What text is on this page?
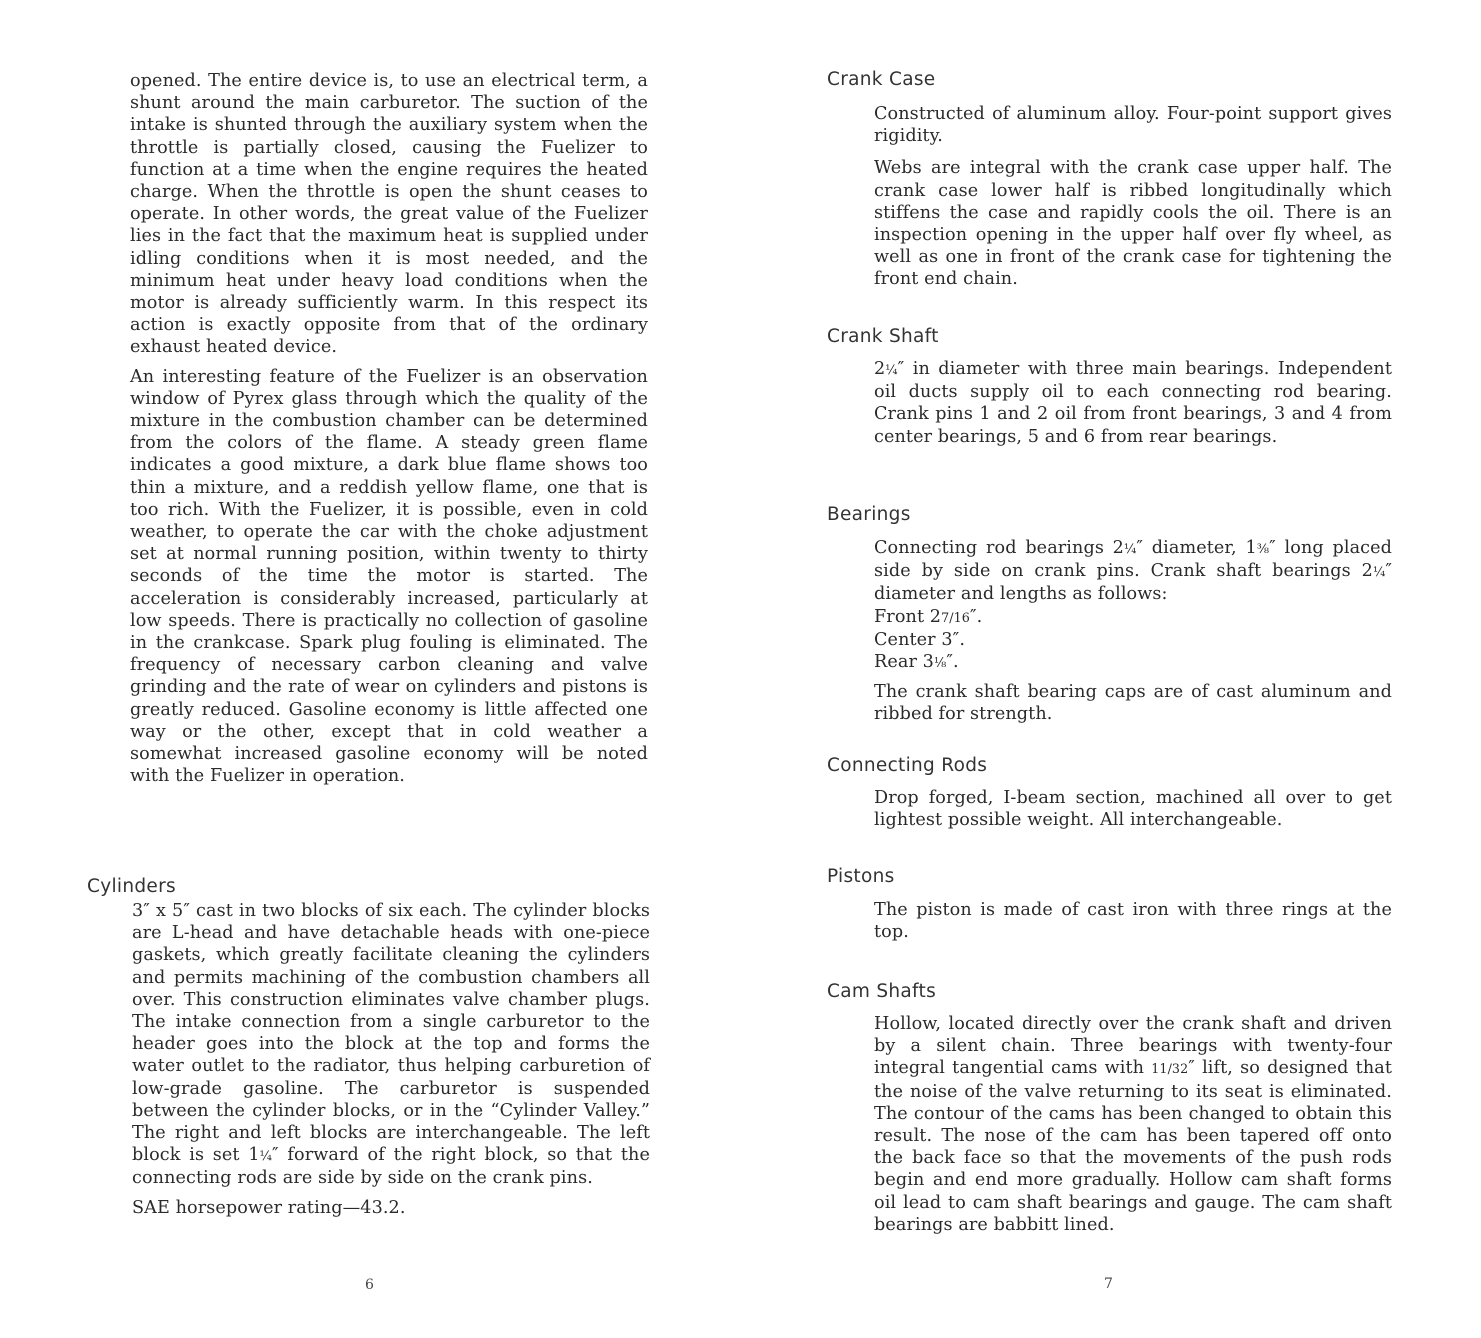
opened. The entire device is, to use an electrical term, a shunt around the main carburetor. The suction of the intake is shunted through the auxiliary system when the throttle is partially closed, causing the Fuelizer to function at a time when the engine requires the heated charge. When the throttle is open the shunt ceases to operate. In other words, the great value of the Fuelizer lies in the fact that the maximum heat is supplied under idling conditions when it is most needed, and the minimum heat under heavy load conditions when the motor is already sufficiently warm. In this respect its action is exactly opposite from that of the ordinary exhaust heated device.

An interesting feature of the Fuelizer is an observation window of Pyrex glass through which the quality of the mixture in the combustion chamber can be determined from the colors of the flame. A steady green flame indicates a good mixture, a dark blue flame shows too thin a mixture, and a reddish yellow flame, one that is too rich. With the Fuelizer, it is possible, even in cold weather, to operate the car with the choke adjustment set at normal running position, within twenty to thirty seconds of the time the motor is started. The acceleration is considerably increased, particularly at low speeds. There is practically no collection of gasoline in the crankcase. Spark plug fouling is eliminated. The frequency of necessary carbon cleaning and valve grinding and the rate of wear on cylinders and pistons is greatly reduced. Gasoline economy is little affected one way or the other, except that in cold weather a somewhat increased gasoline economy will be noted with the Fuelizer in operation.

Cylinders

3″ x 5″ cast in two blocks of six each. The cylinder blocks are L-head and have detachable heads with one-piece gaskets, which greatly facilitate cleaning the cylinders and permits machining of the combustion chambers all over. This construction eliminates valve chamber plugs. The intake connection from a single carburetor to the header goes into the block at the top and forms the water outlet to the radiator, thus helping carburetion of low-grade gasoline. The carburetor is suspended between the cylinder blocks, or in the “Cylinder Valley.” The right and left blocks are interchangeable. The left block is set 1¼″ forward of the right block, so that the connecting rods are side by side on the crank pins.

SAE horsepower rating—43.2.

6

Crank Case

Constructed of aluminum alloy. Four-point support gives rigidity.

Webs are integral with the crank case upper half. The crank case lower half is ribbed longitudinally which stiffens the case and rapidly cools the oil. There is an inspection opening in the upper half over fly wheel, as well as one in front of the crank case for tightening the front end chain.

Crank Shaft

2¼″ in diameter with three main bearings. Independent oil ducts supply oil to each connecting rod bearing. Crank pins 1 and 2 oil from front bearings, 3 and 4 from center bearings, 5 and 6 from rear bearings.

Bearings

Connecting rod bearings 2¼″ diameter, 1⅜″ long placed side by side on crank pins. Crank shaft bearings 2¼″ diameter and lengths as follows:

Front 27/16″.

Center 3″.

Rear 3⅛″.

The crank shaft bearing caps are of cast aluminum and ribbed for strength.

Connecting Rods

Drop forged, I-beam section, machined all over to get lightest possible weight. All interchangeable.

Pistons

The piston is made of cast iron with three rings at the top.

Cam Shafts

Hollow, located directly over the crank shaft and driven by a silent chain. Three bearings with twenty-four integral tangential cams with 11/32″ lift, so designed that the noise of the valve returning to its seat is eliminated. The contour of the cams has been changed to obtain this result. The nose of the cam has been tapered off onto the back face so that the movements of the push rods begin and end more gradually. Hollow cam shaft forms oil lead to cam shaft bearings and gauge. The cam shaft bearings are babbitt lined.

7
